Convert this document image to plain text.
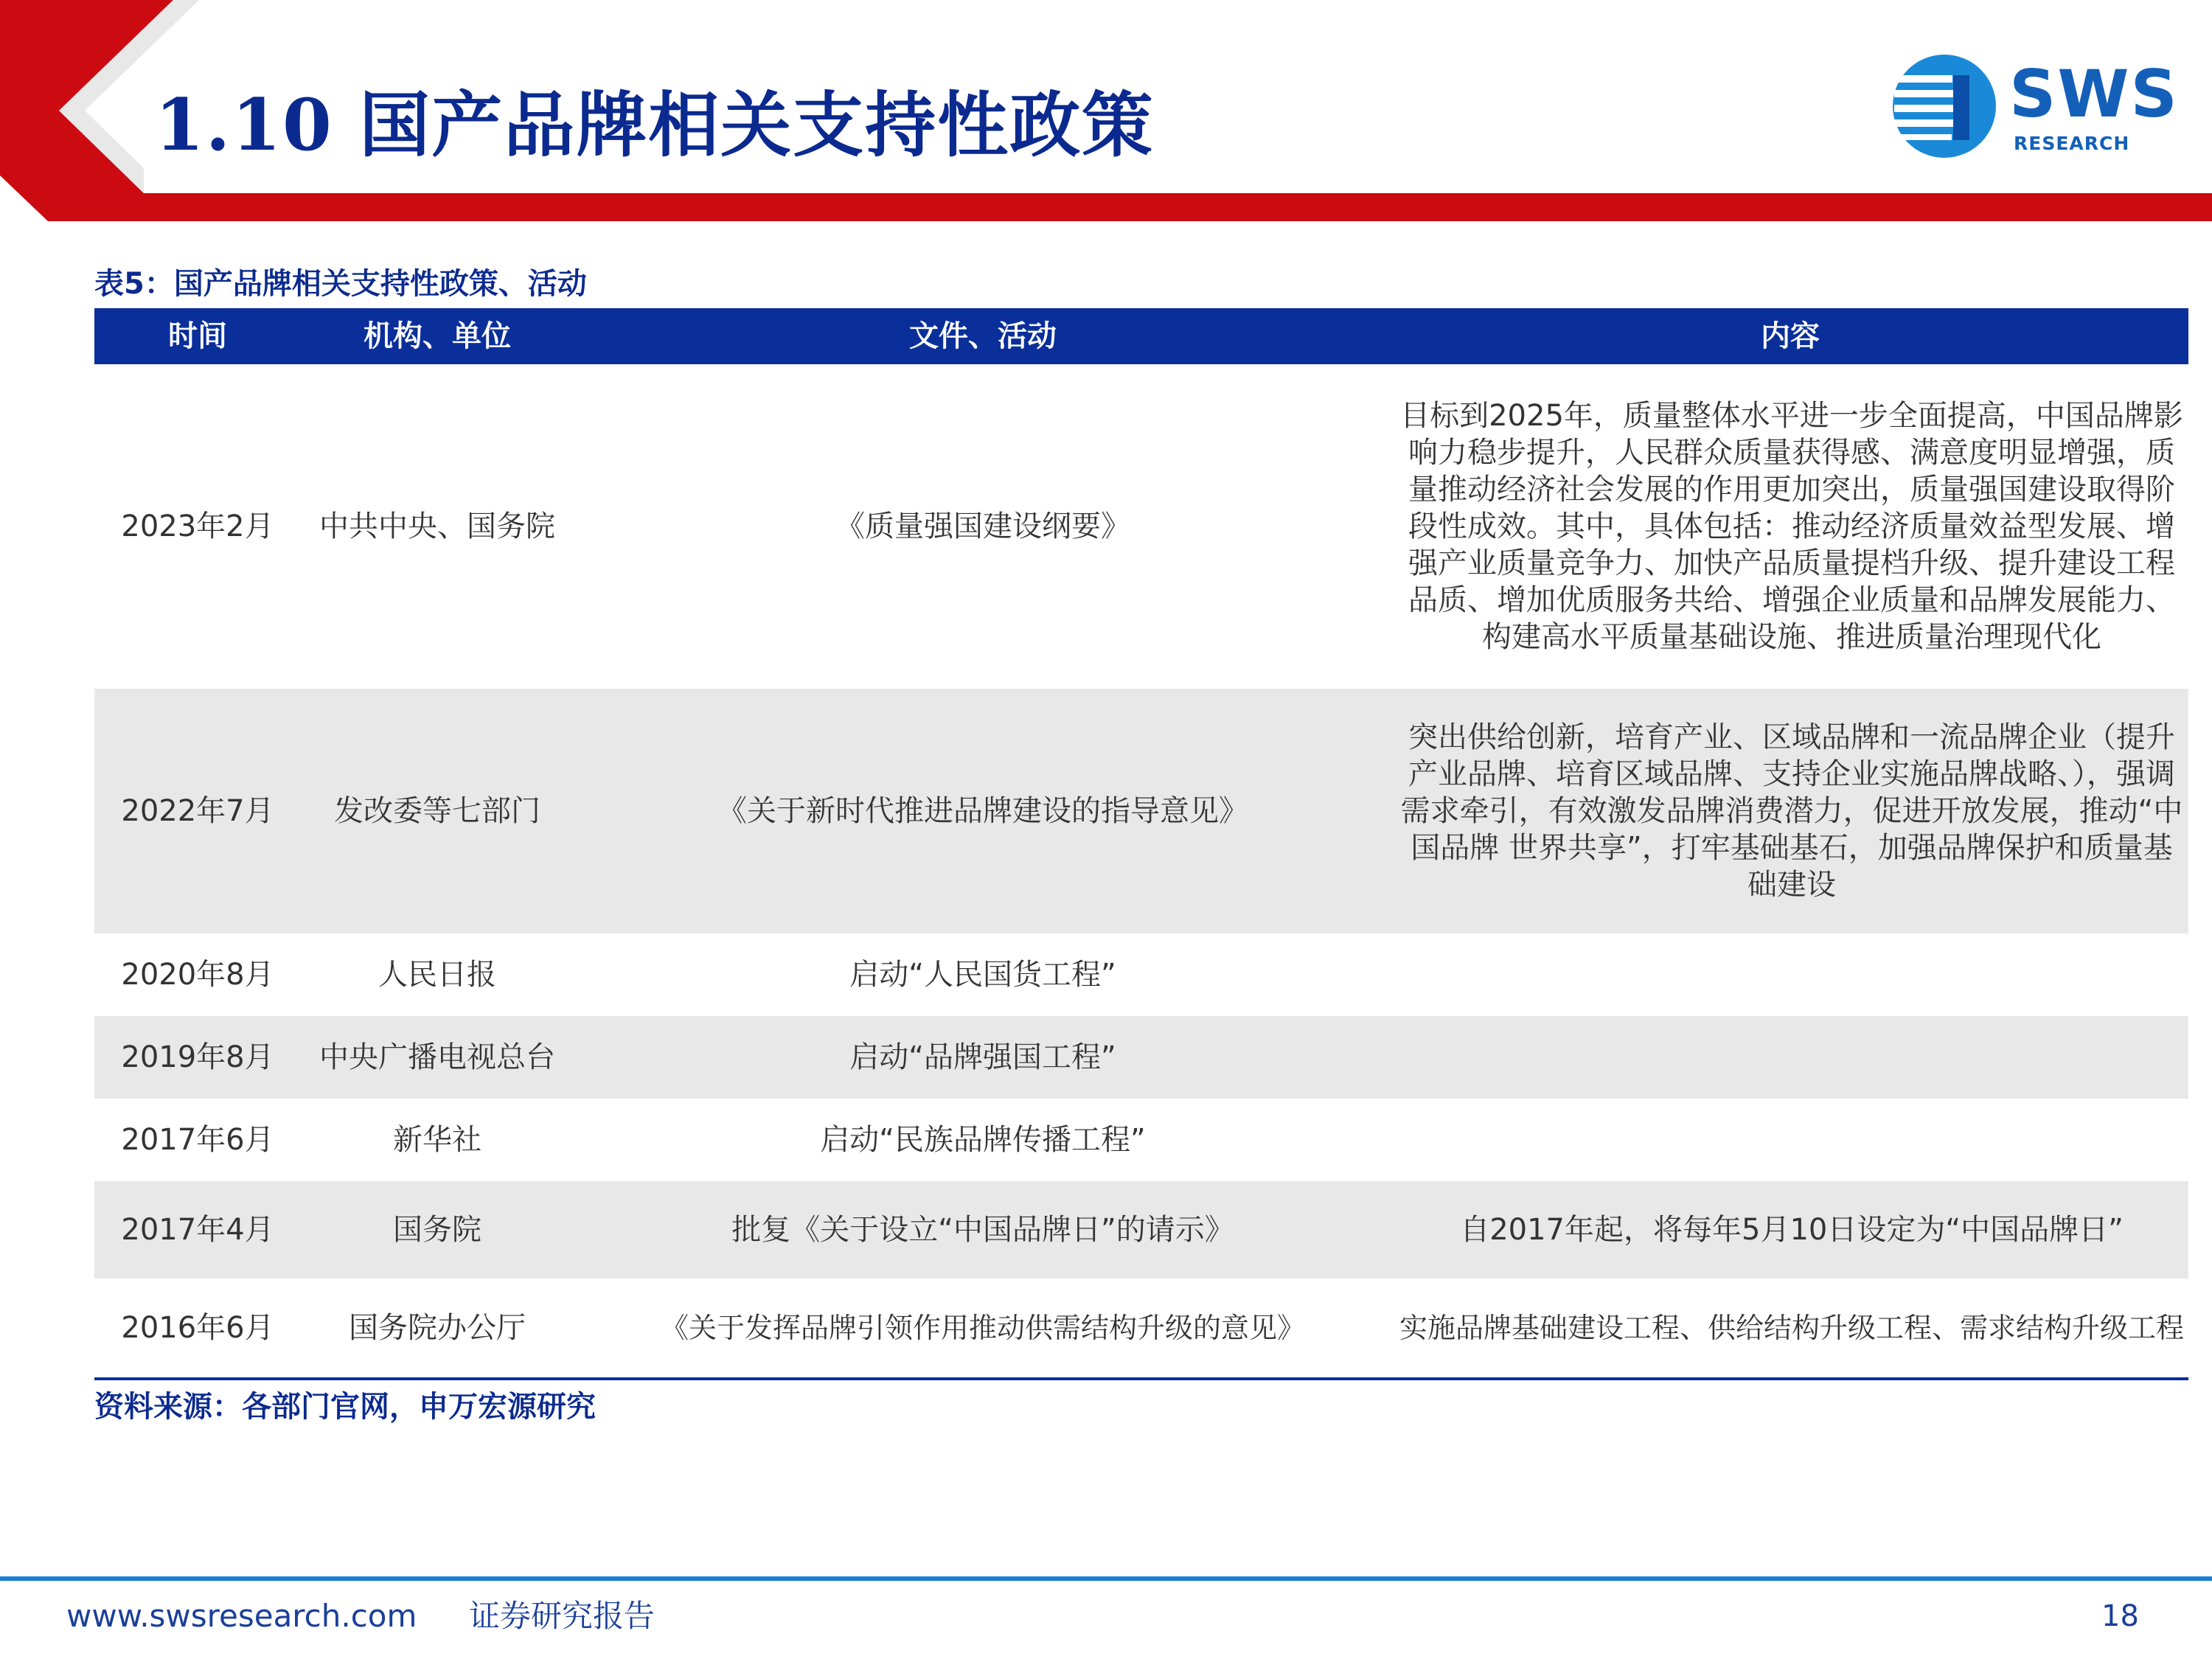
1.10 国产品牌相关支持性政策	SWS
RESEARCH
表5：国产品牌相关支持性政策、活动
时间	机构、单位	文件、活动	内容
2023年2月	中共中央、国务院	《质量强国建设纲要》	目标到2025年，质量整体水平进一步全面提高，中国品牌影响力稳步提升，人民群众质量获得感、满意度明显增强，质量推动经济社会发展的作用更加突出，质量强国建设取得阶段性成效。其中，具体包括：推动经济质量效益型发展、增强产业质量竞争力、加快产品质量提档升级、提升建设工程品质、增加优质服务共给、增强企业质量和品牌发展能力、构建高水平质量基础设施、推进质量治理现代化
2022年7月	发改委等七部门	《关于新时代推进品牌建设的指导意见》	突出供给创新，培育产业、区域品牌和一流品牌企业（提升产业品牌、培育区域品牌、支持企业实施品牌战略、），强调需求牵引，有效激发品牌消费潜力，促进开放发展，推动“中国品牌 世界共享”，打牢基础基石，加强品牌保护和质量基础建设
2020年8月	人民日报	启动“人民国货工程”	
2019年8月	中央广播电视总台	启动“品牌强国工程”	
2017年6月	新华社	启动“民族品牌传播工程”	
2017年4月	国务院	批复《关于设立“中国品牌日”的请示》	自2017年起，将每年5月10日设定为“中国品牌日”
2016年6月	国务院办公厅	《关于发挥品牌引领作用推动供需结构升级的意见》	实施品牌基础建设工程、供给结构升级工程、需求结构升级工程
资料来源：各部门官网，申万宏源研究
www.swsresearch.com 证券研究报告	18
